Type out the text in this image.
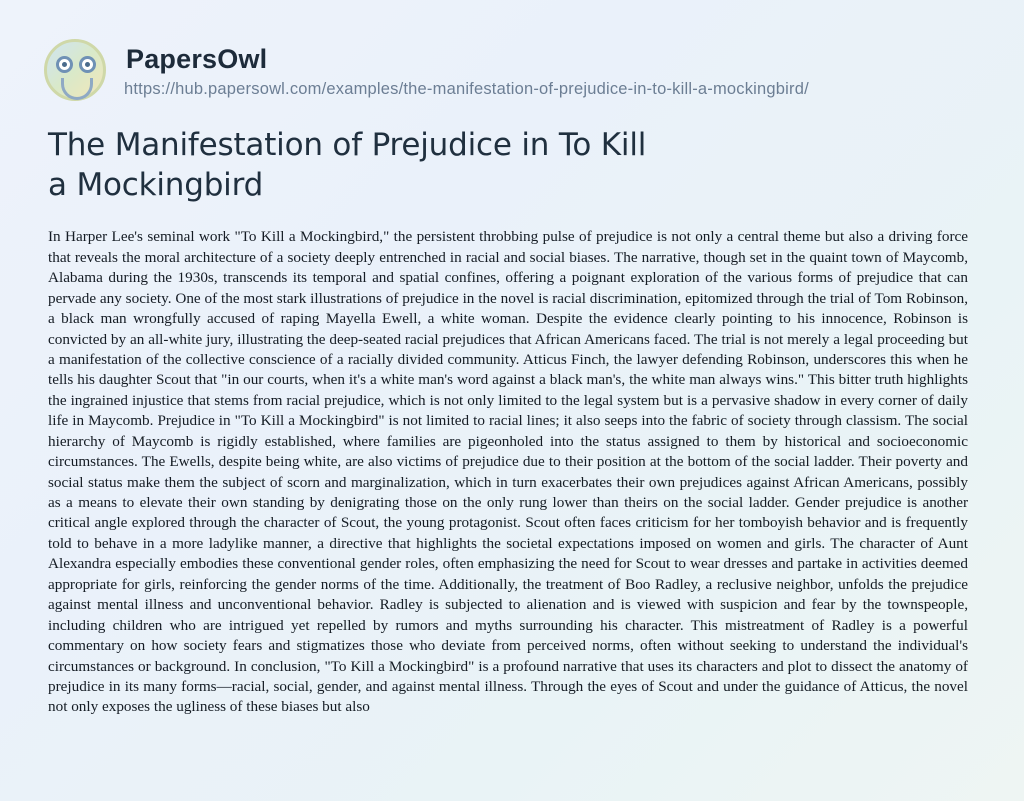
PapersOwl
https://hub.papersowl.com/examples/the-manifestation-of-prejudice-in-to-kill-a-mockingbird/
The Manifestation of Prejudice in To Kill a Mockingbird

In Harper Lee's seminal work "To Kill a Mockingbird," the persistent throbbing pulse of prejudice is not only a central theme but also a driving force that reveals the moral architecture of a society deeply entrenched in racial and social biases. The narrative, though set in the quaint town of Maycomb, Alabama during the 1930s, transcends its temporal and spatial confines, offering a poignant exploration of the various forms of prejudice that can pervade any society. One of the most stark illustrations of prejudice in the novel is racial discrimination, epitomized through the trial of Tom Robinson, a black man wrongfully accused of raping Mayella Ewell, a white woman. Despite the evidence clearly pointing to his innocence, Robinson is convicted by an all-white jury, illustrating the deep-seated racial prejudices that African Americans faced. The trial is not merely a legal proceeding but a manifestation of the collective conscience of a racially divided community. Atticus Finch, the lawyer defending Robinson, underscores this when he tells his daughter Scout that "in our courts, when it's a white man's word against a black man's, the white man always wins." This bitter truth highlights the ingrained injustice that stems from racial prejudice, which is not only limited to the legal system but is a pervasive shadow in every corner of daily life in Maycomb. Prejudice in "To Kill a Mockingbird" is not limited to racial lines; it also seeps into the fabric of society through classism. The social hierarchy of Maycomb is rigidly established, where families are pigeonholed into the status assigned to them by historical and socioeconomic circumstances. The Ewells, despite being white, are also victims of prejudice due to their position at the bottom of the social ladder. Their poverty and social status make them the subject of scorn and marginalization, which in turn exacerbates their own prejudices against African Americans, possibly as a means to elevate their own standing by denigrating those on the only rung lower than theirs on the social ladder. Gender prejudice is another critical angle explored through the character of Scout, the young protagonist. Scout often faces criticism for her tomboyish behavior and is frequently told to behave in a more ladylike manner, a directive that highlights the societal expectations imposed on women and girls. The character of Aunt Alexandra especially embodies these conventional gender roles, often emphasizing the need for Scout to wear dresses and partake in activities deemed appropriate for girls, reinforcing the gender norms of the time. Additionally, the treatment of Boo Radley, a reclusive neighbor, unfolds the prejudice against mental illness and unconventional behavior. Radley is subjected to alienation and is viewed with suspicion and fear by the townspeople, including children who are intrigued yet repelled by rumors and myths surrounding his character. This mistreatment of Radley is a powerful commentary on how society fears and stigmatizes those who deviate from perceived norms, often without seeking to understand the individual's circumstances or background. In conclusion, "To Kill a Mockingbird" is a profound narrative that uses its characters and plot to dissect the anatomy of prejudice in its many forms—racial, social, gender, and against mental illness. Through the eyes of Scout and under the guidance of Atticus, the novel not only exposes the ugliness of these biases but also
